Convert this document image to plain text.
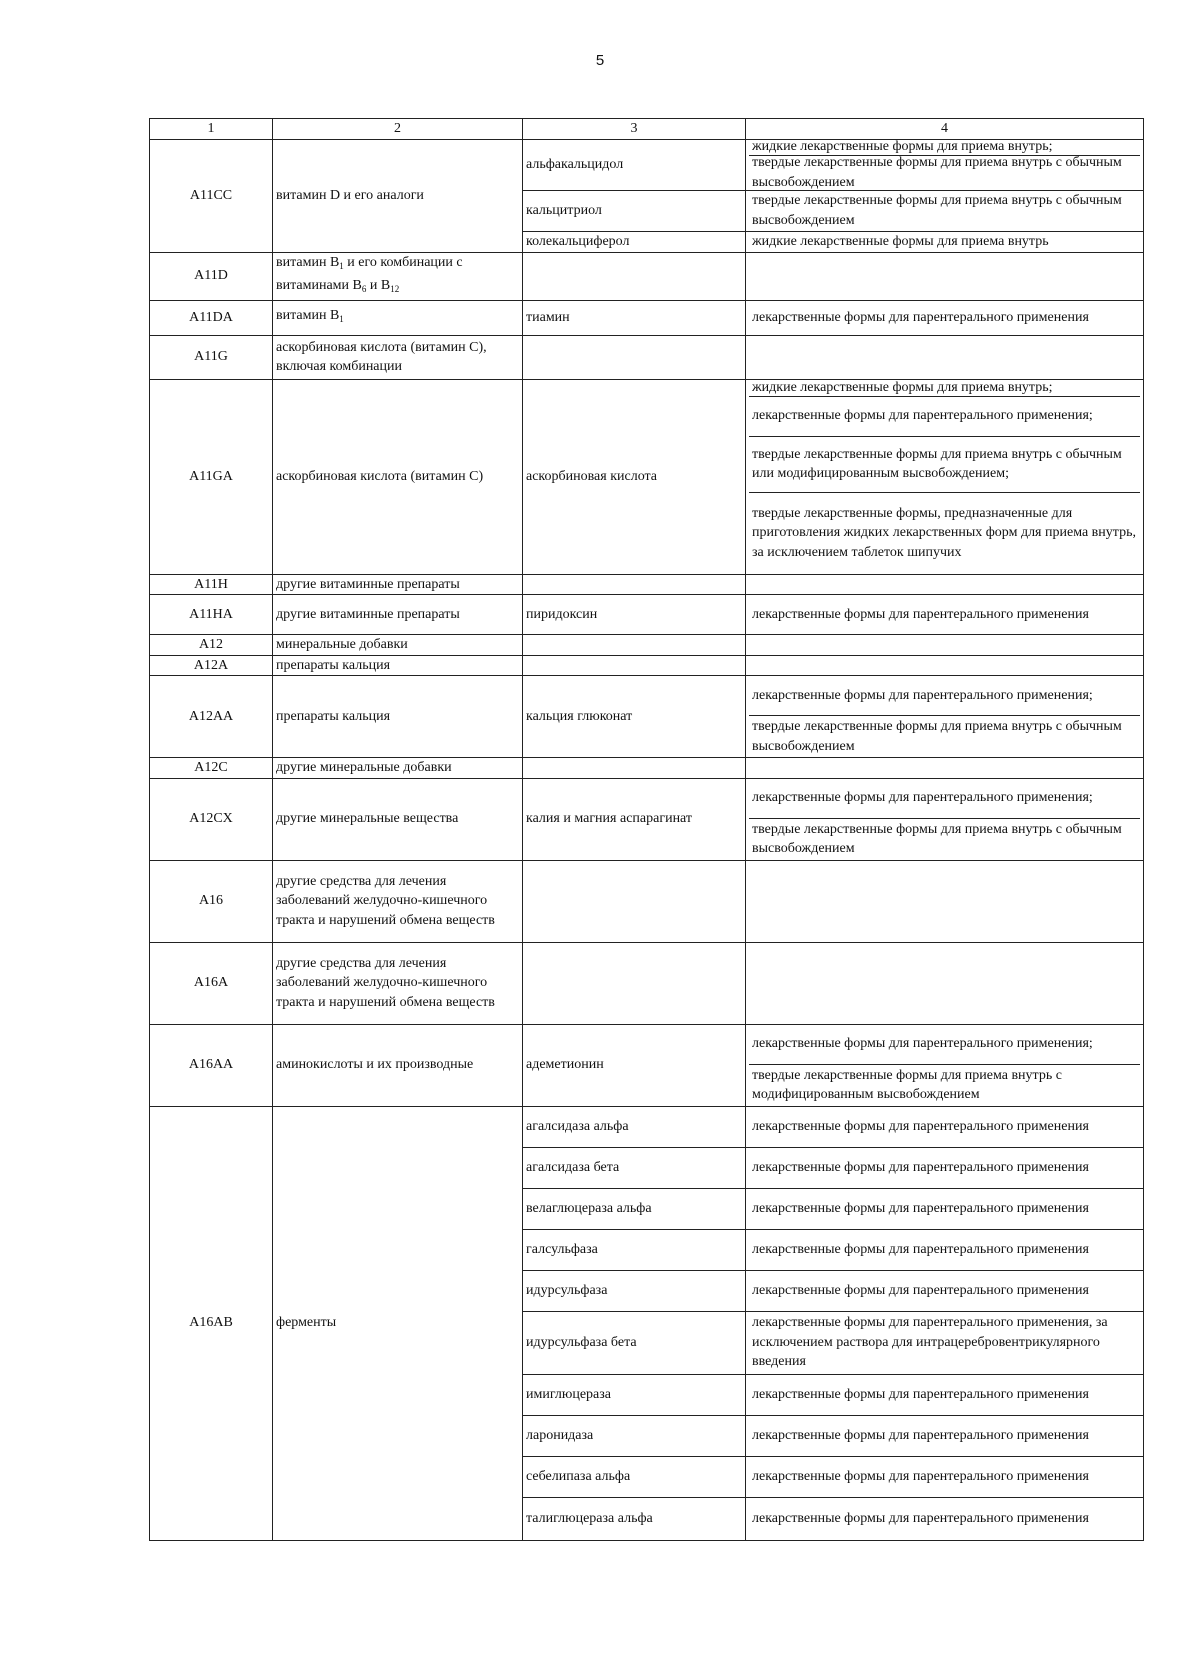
5
1	2	3	4
A11CC	витамин D и его аналоги	альфакальцидол	жидкие лекарственные формы для приема внутрь;
твердые лекарственные формы для приема внутрь с обычным высвобождением

		кальцитриол	твердые лекарственные формы для приема внутрь с обычным высвобождением

		колекальциферол	жидкие лекарственные формы для приема внутрь

A11D	витамин $B_1$ и его комбинации с витаминами $B_6$ и $B_{12}$		

A11DA	витамин $B_1$	тиамин	лекарственные формы для парентерального применения

A11G	аскорбиновая кислота (витамин С), включая комбинации		

A11GA	аскорбиновая кислота (витамин С)	аскорбиновая кислота	жидкие лекарственные формы для приема внутрь;
лекарственные формы для парентерального применения;
твердые лекарственные формы для приема внутрь с обычным или модифицированным высвобождением;
твердые лекарственные формы, предназначенные для приготовления жидких лекарственных форм для приема внутрь, за исключением таблеток шипучих

A11H	другие витаминные препараты		

A11HA	другие витаминные препараты	пиридоксин	лекарственные формы для парентерального применения

A12	минеральные добавки		

A12A	препараты кальция		

A12AA	препараты кальция	кальция глюконат	лекарственные формы для парентерального применения;
твердые лекарственные формы для приема внутрь с обычным высвобождением

A12C	другие минеральные добавки		

A12CX	другие минеральные вещества	калия и магния аспарагинат	лекарственные формы для парентерального применения;
твердые лекарственные формы для приема внутрь с обычным высвобождением

A16	другие средства для лечения заболеваний желудочно-кишечного тракта и нарушений обмена веществ		

A16A	другие средства для лечения заболеваний желудочно-кишечного тракта и нарушений обмена веществ		

A16AA	аминокислоты и их производные	адеметионин	лекарственные формы для парентерального применения;
твердые лекарственные формы для приема внутрь с модифицированным высвобождением

A16AB	ферменты	агалсидаза альфа	лекарственные формы для парентерального применения

		агалсидаза бета	лекарственные формы для парентерального применения

		велаглюцераза альфа	лекарственные формы для парентерального применения

		галсульфаза	лекарственные формы для парентерального применения

		идурсульфаза	лекарственные формы для парентерального применения

		идурсульфаза бета	лекарственные формы для парентерального применения, за исключением раствора для интрацеребровентрикулярного введения

		имиглюцераза	лекарственные формы для парентерального применения

		ларонидаза	лекарственные формы для парентерального применения

		себелипаза альфа	лекарственные формы для парентерального применения

		талиглюцераза альфа	лекарственные формы для парентерального применения
